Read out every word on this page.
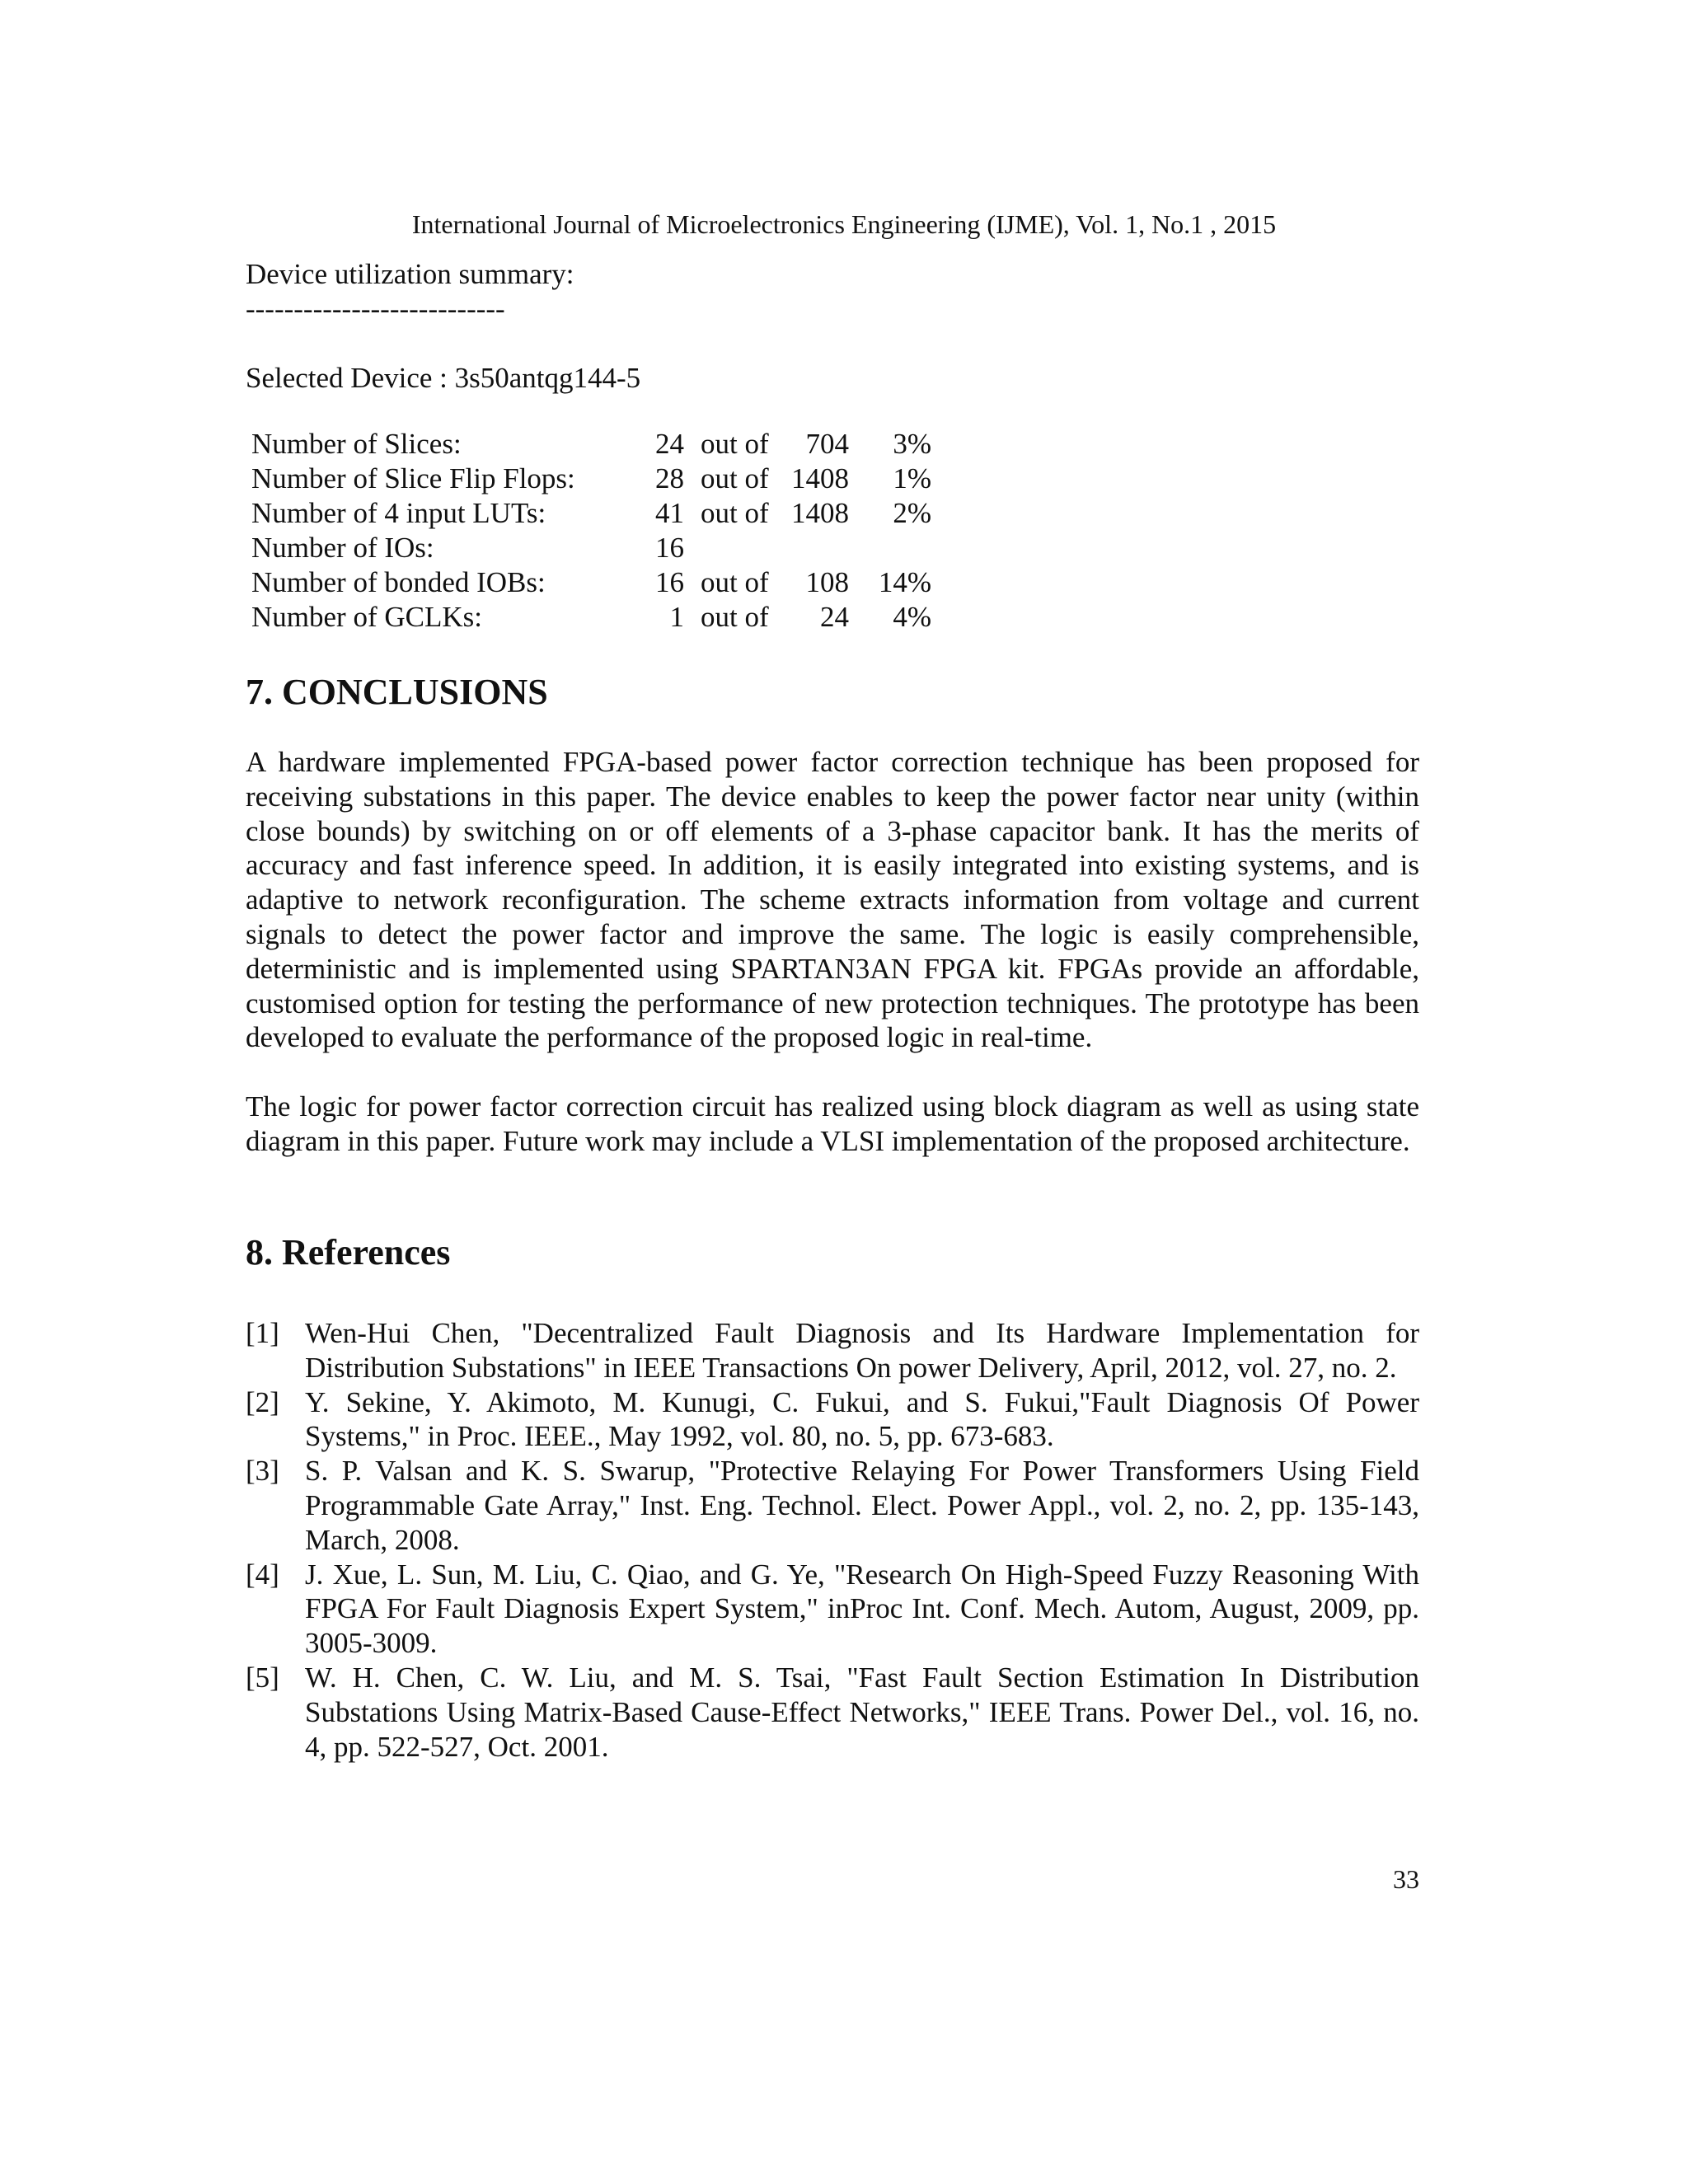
International Journal of Microelectronics Engineering (IJME), Vol. 1, No.1 , 2015
Device utilization summary:
---------------------------
Selected Device : 3s50antqg144-5
Number of Slices:	24 out of	704	3%
Number of Slice Flip Flops:	28 out of 1408	1%
Number of 4 input LUTs:	41 out of 1408	2%
Number of IOs:	16
Number of bonded IOBs:	16 out of	108	14%
Number of GCLKs:	1 out of	24	4%
7. CONCLUSIONS

A hardware implemented FPGA-based power factor correction technique has been proposed for receiving substations in this paper. The device enables to keep the power factor near unity (within close bounds) by switching on or off elements of a 3-phase capacitor bank. It has the merits of accuracy and fast inference speed. In addition, it is easily integrated into existing systems, and is adaptive to network reconfiguration. The scheme extracts information from voltage and current signals to detect the power factor and improve the same. The logic is easily comprehensible, deterministic and is implemented using SPARTAN3AN FPGA kit. FPGAs provide an affordable, customised option for testing the performance of new protection techniques. The prototype has been developed to evaluate the performance of the proposed logic in real-time.

The logic for power factor correction circuit has realized using block diagram as well as using state diagram in this paper. Future work may include a VLSI implementation of the proposed architecture.

8. References
[1] Wen-Hui Chen, "Decentralized Fault Diagnosis and Its Hardware Implementation for Distribution Substations" in IEEE Transactions On power Delivery, April, 2012, vol. 27, no. 2.
[2] Y. Sekine, Y. Akimoto, M. Kunugi, C. Fukui, and S. Fukui,"Fault Diagnosis Of Power Systems," in Proc. IEEE., May 1992, vol. 80, no. 5, pp. 673-683.
[3] S. P. Valsan and K. S. Swarup, "Protective Relaying For Power Transformers Using Field Programmable Gate Array," Inst. Eng. Technol. Elect. Power Appl., vol. 2, no. 2, pp. 135-143, March, 2008.
[4] J. Xue, L. Sun, M. Liu, C. Qiao, and G. Ye, "Research On High-Speed Fuzzy Reasoning With FPGA For Fault Diagnosis Expert System," inProc Int. Conf. Mech. Autom, August, 2009, pp. 3005-3009.
[5] W. H. Chen, C. W. Liu, and M. S. Tsai, "Fast Fault Section Estimation In Distribution Substations Using Matrix-Based Cause-Effect Networks," IEEE Trans. Power Del., vol. 16, no. 4, pp. 522-527, Oct. 2001.
33
